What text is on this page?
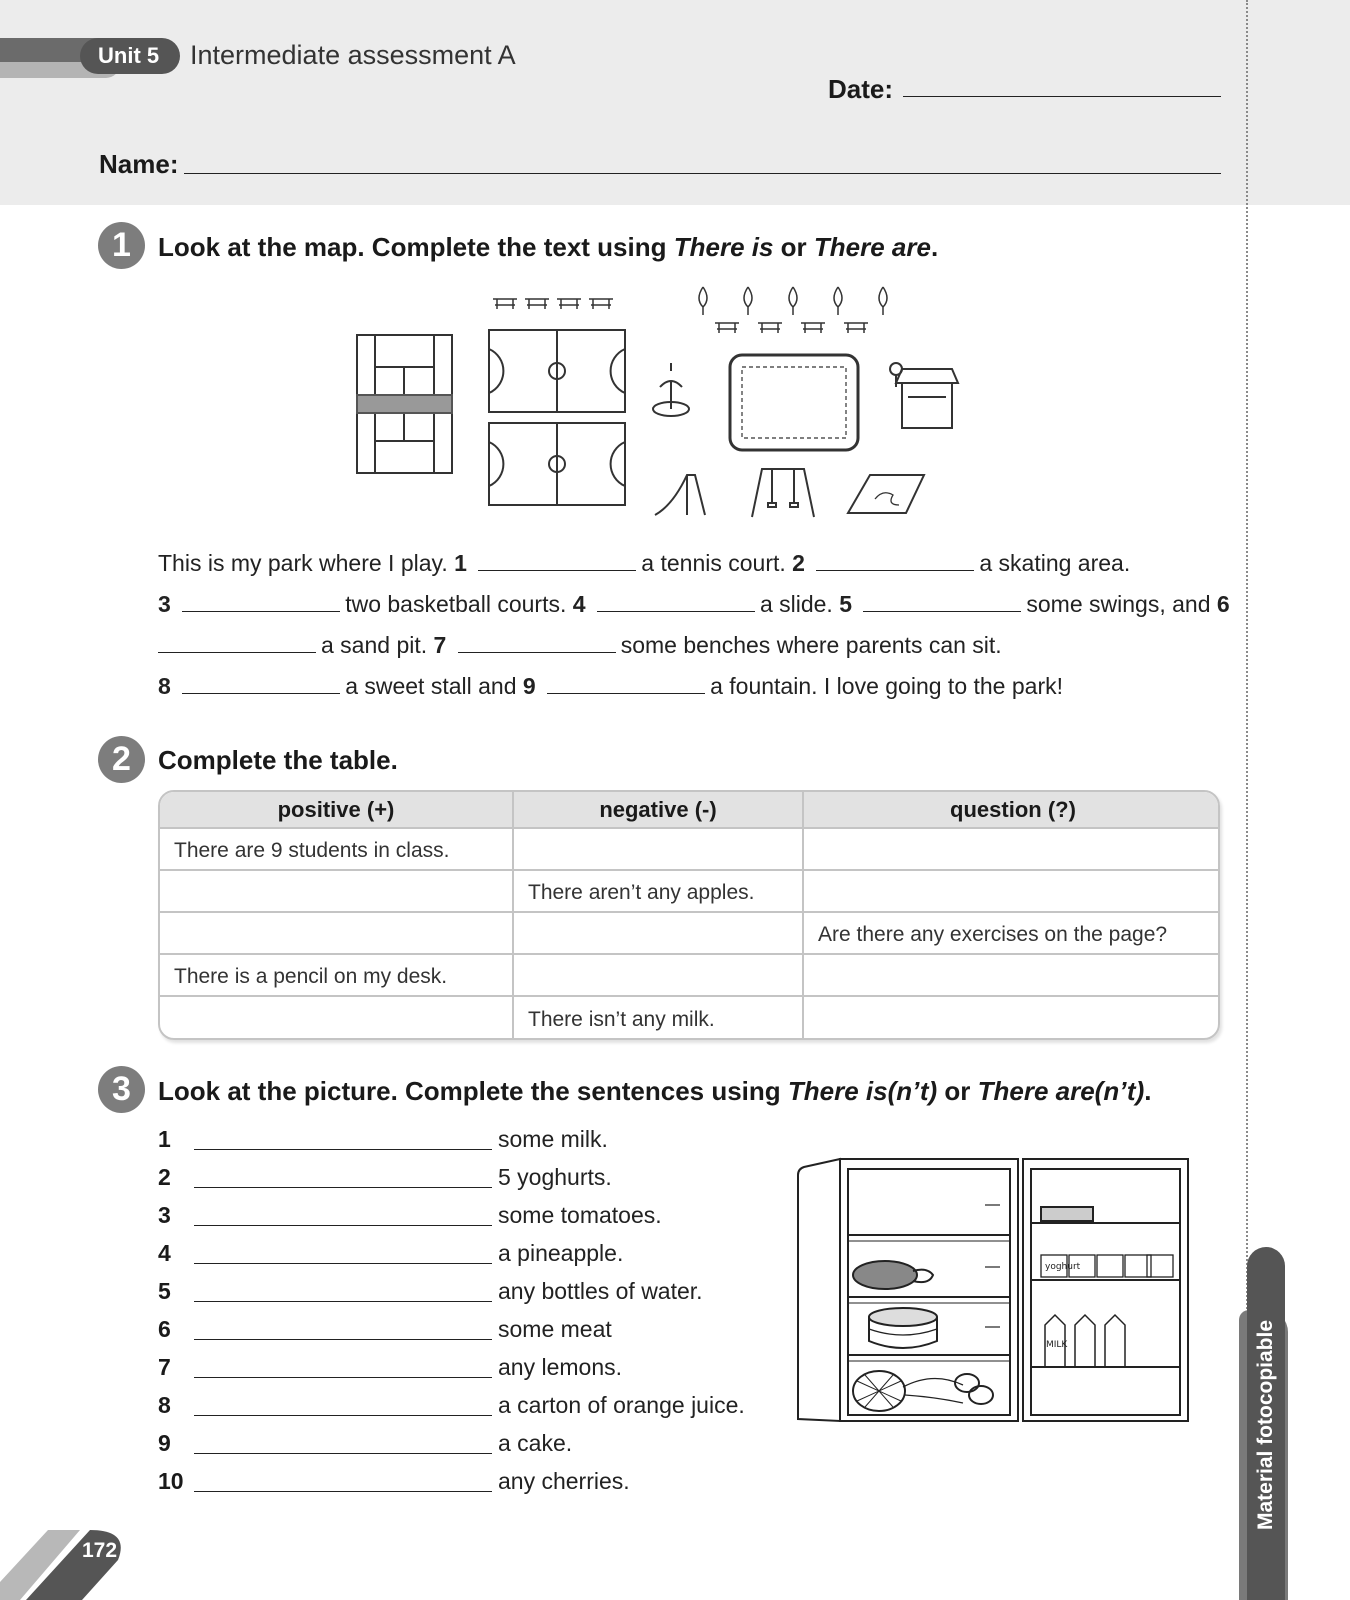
Unit 5	Intermediate assessment A
Date:
Name:
1	Look at the map. Complete the text using There is or There are.
This is my park where I play. 1	a tennis court. 2	a skating area.
3	two basketball courts. 4	a slide. 5	some swings, and 6
a sand pit. 7	some benches where parents can sit.
8	a sweet stall and 9	a fountain. I love going to the park!
2	Complete the table.
positive (+)	negative (-)	question (?)
There are 9 students in class.		
	There aren’t any apples.	
		Are there any exercises on the page?
There is a pencil on my desk.		
	There isn’t any milk.	
3	Look at the picture. Complete the sentences using There is(n’t) or There are(n’t).
1	some milk.
2	5 yoghurts.
3	some tomatoes.
4	a pineapple.
5	any bottles of water.
6	some meat
7	any lemons.
8	a carton of orange juice.
9	a cake.
10	any cherries.
yoghurt
MILK	Material fotocopiable
172
